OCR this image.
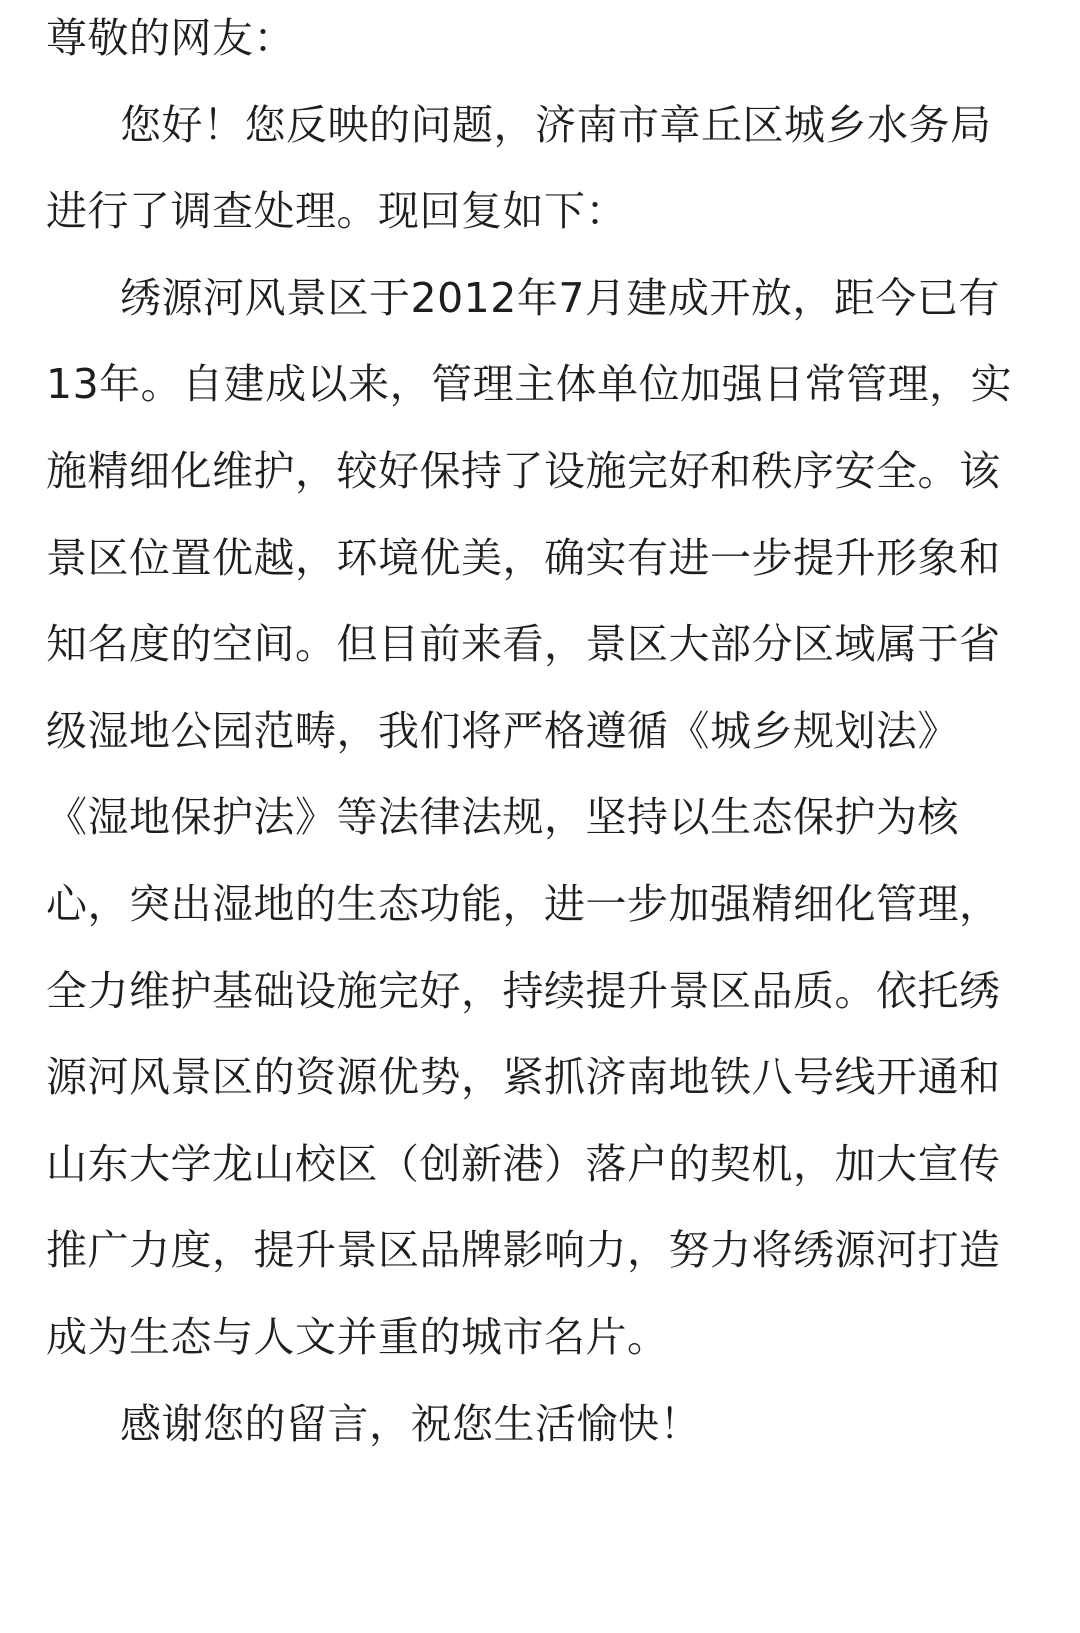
尊敬的网友：

您好！您反映的问题，济南市章丘区城乡水务局进行了调查处理。现回复如下：

绣源河风景区于2012年7月建成开放，距今已有13年。自建成以来，管理主体单位加强日常管理，实施精细化维护，较好保持了设施完好和秩序安全。该景区位置优越，环境优美，确实有进一步提升形象和知名度的空间。但目前来看，景区大部分区域属于省级湿地公园范畴，我们将严格遵循《城乡规划法》《湿地保护法》等法律法规，坚持以生态保护为核心，突出湿地的生态功能，进一步加强精细化管理，全力维护基础设施完好，持续提升景区品质。依托绣源河风景区的资源优势，紧抓济南地铁八号线开通和山东大学龙山校区（创新港）落户的契机，加大宣传推广力度，提升景区品牌影响力，努力将绣源河打造成为生态与人文并重的城市名片。

感谢您的留言，祝您生活愉快！
